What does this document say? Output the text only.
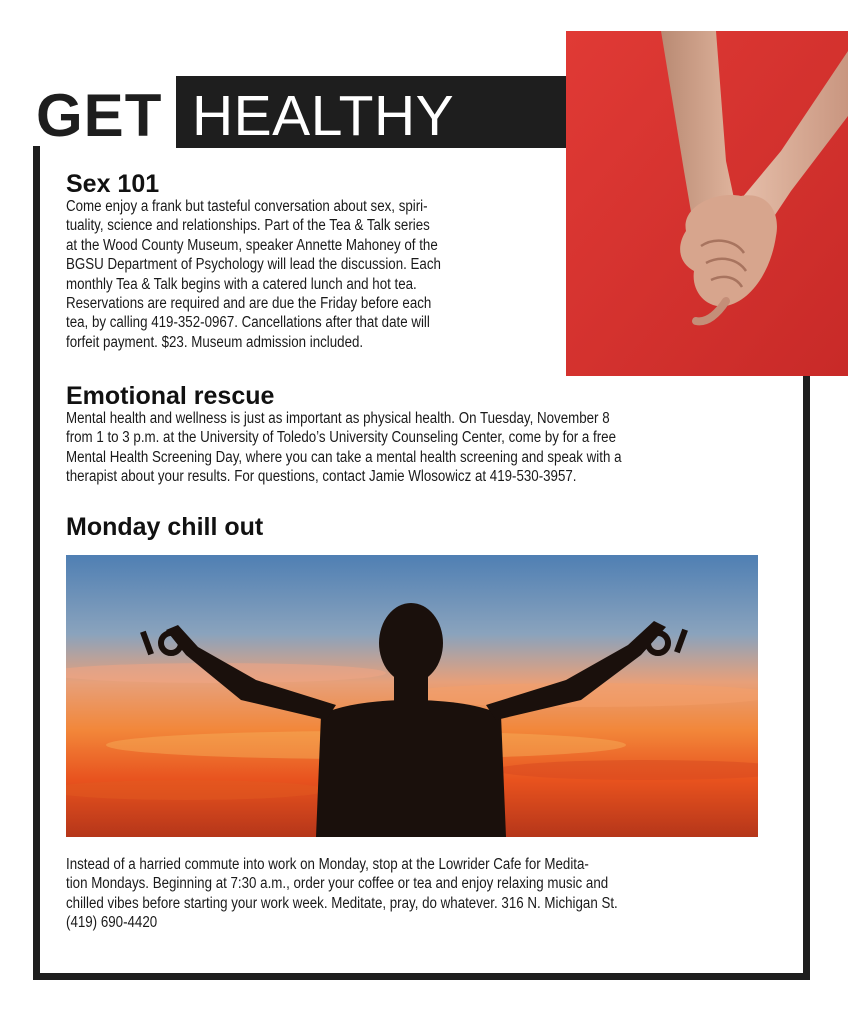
GET HEALTHY
Sex 101
Come enjoy a frank but tasteful conversation about sex, spiri-
tuality, science and relationships. Part of the Tea & Talk series
at the Wood County Museum, speaker Annette Mahoney of the
BGSU Department of Psychology will lead the discussion. Each
monthly Tea & Talk begins with a catered lunch and hot tea.
Reservations are required and are due the Friday before each
tea, by calling 419-352-0967. Cancellations after that date will
forfeit payment. $23. Museum admission included.
Emotional rescue
Mental health and wellness is just as important as physical health. On Tuesday, November 8
from 1 to 3 p.m. at the University of Toledo’s University Counseling Center, come by for a free
Mental Health Screening Day, where you can take a mental health screening and speak with a
therapist about your results. For questions, contact Jamie Wlosowicz at 419-530-3957.
Monday chill out
Instead of a harried commute into work on Monday, stop at the Lowrider Cafe for Medita-
tion Mondays. Beginning at 7:30 a.m., order your coffee or tea and enjoy relaxing music and
chilled vibes before starting your work week. Meditate, pray, do whatever. 316 N. Michigan St.
(419) 690-4420
